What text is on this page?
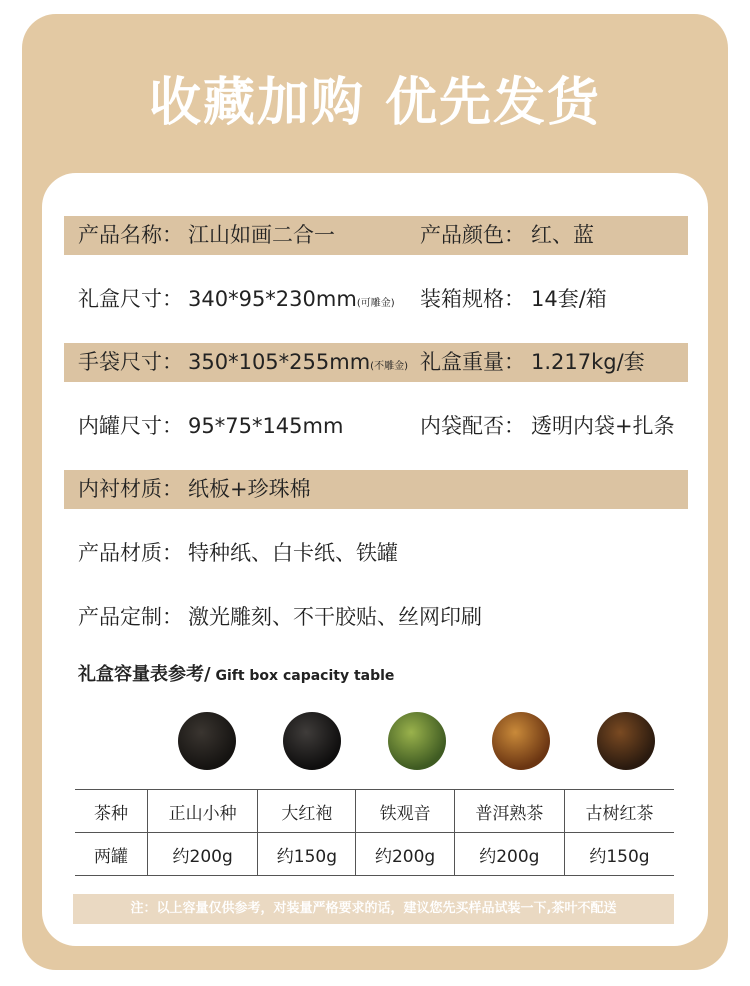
收藏加购 优先发货
产品名称： 江山如画二合一	产品颜色： 红、蓝
礼盒尺寸： 340*95*230mm(可雕金) 装箱规格： 14套/箱
手袋尺寸： 350*105*255mm(不雕金) 礼盒重量： 1.217kg/套
内罐尺寸： 95*75*145mm	内袋配否： 透明内袋+扎条
内衬材质： 纸板+珍珠棉
产品材质： 特种纸、白卡纸、铁罐
产品定制： 激光雕刻、不干胶贴、丝网印刷
礼盒容量表参考/ Gift box capacity table
茶种	正山小种	大红袍	铁观音	普洱熟茶	古树红茶
两罐	约200g	约150g	约200g	约200g	约150g
注：以上容量仅供参考，对装量严格要求的话，建议您先买样品试装一下,茶叶不配送
